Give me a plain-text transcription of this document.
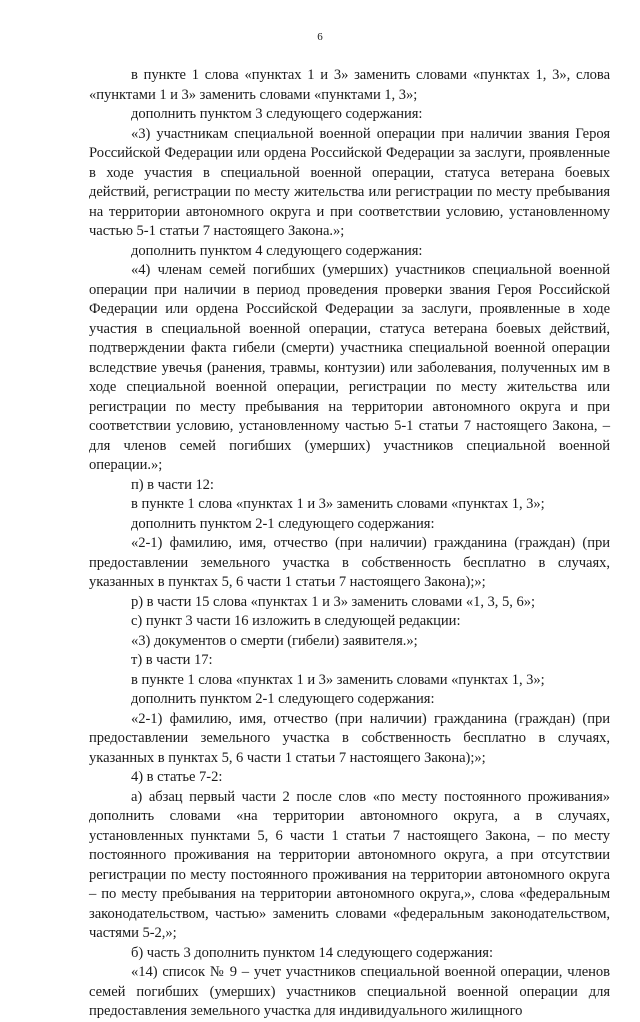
6

в пункте 1 слова «пунктах 1 и 3» заменить словами «пунктах 1, 3», слова «пунктами 1 и 3» заменить словами «пунктами 1, 3»;

дополнить пунктом 3 следующего содержания:

«3) участникам специальной военной операции при наличии звания Героя Российской Федерации или ордена Российской Федерации за заслуги, проявленные в ходе участия в специальной военной операции, статуса ветерана боевых действий, регистрации по месту жительства или регистрации по месту пребывания на территории автономного округа и при соответствии условию, установленному частью 5-1 статьи 7 настоящего Закона.»;

дополнить пунктом 4 следующего содержания:

«4) членам семей погибших (умерших) участников специальной военной операции при наличии в период проведения проверки звания Героя Российской Федерации или ордена Российской Федерации за заслуги, проявленные в ходе участия в специальной военной операции, статуса ветерана боевых действий, подтверждении факта гибели (смерти) участника специальной военной операции вследствие увечья (ранения, травмы, контузии) или заболевания, полученных им в ходе специальной военной операции, регистрации по месту жительства или регистрации по месту пребывания на территории автономного округа и при соответствии условию, установленному частью 5-1 статьи 7 настоящего Закона, – для членов семей погибших (умерших) участников специальной военной операции.»;

п) в части 12:

в пункте 1 слова «пунктах 1 и 3» заменить словами «пунктах 1, 3»;

дополнить пунктом 2-1 следующего содержания:

«2-1) фамилию, имя, отчество (при наличии) гражданина (граждан) (при предоставлении земельного участка в собственность бесплатно в случаях, указанных в пунктах 5, 6 части 1 статьи 7 настоящего Закона);»;

р) в части 15 слова «пунктах 1 и 3» заменить словами «1, 3, 5, 6»;

с) пункт 3 части 16 изложить в следующей редакции:

«3) документов о смерти (гибели) заявителя.»;

т) в части 17:

в пункте 1 слова «пунктах 1 и 3» заменить словами «пунктах 1, 3»;

дополнить пунктом 2-1 следующего содержания:

«2-1) фамилию, имя, отчество (при наличии) гражданина (граждан) (при предоставлении земельного участка в собственность бесплатно в случаях, указанных в пунктах 5, 6 части 1 статьи 7 настоящего Закона);»;

4) в статье 7-2:

а) абзац первый части 2 после слов «по месту постоянного проживания» дополнить словами «на территории автономного округа, а в случаях, установленных пунктами 5, 6 части 1 статьи 7 настоящего Закона, – по месту постоянного проживания на территории автономного округа, а при отсутствии регистрации по месту постоянного проживания на территории автономного округа – по месту пребывания на территории автономного округа,», слова «федеральным законодательством, частью» заменить словами «федеральным законодательством, частями 5-2,»;

б) часть 3 дополнить пунктом 14 следующего содержания:

«14) список № 9 – учет участников специальной военной операции, членов семей погибших (умерших) участников специальной военной операции для предоставления земельного участка для индивидуального жилищного
